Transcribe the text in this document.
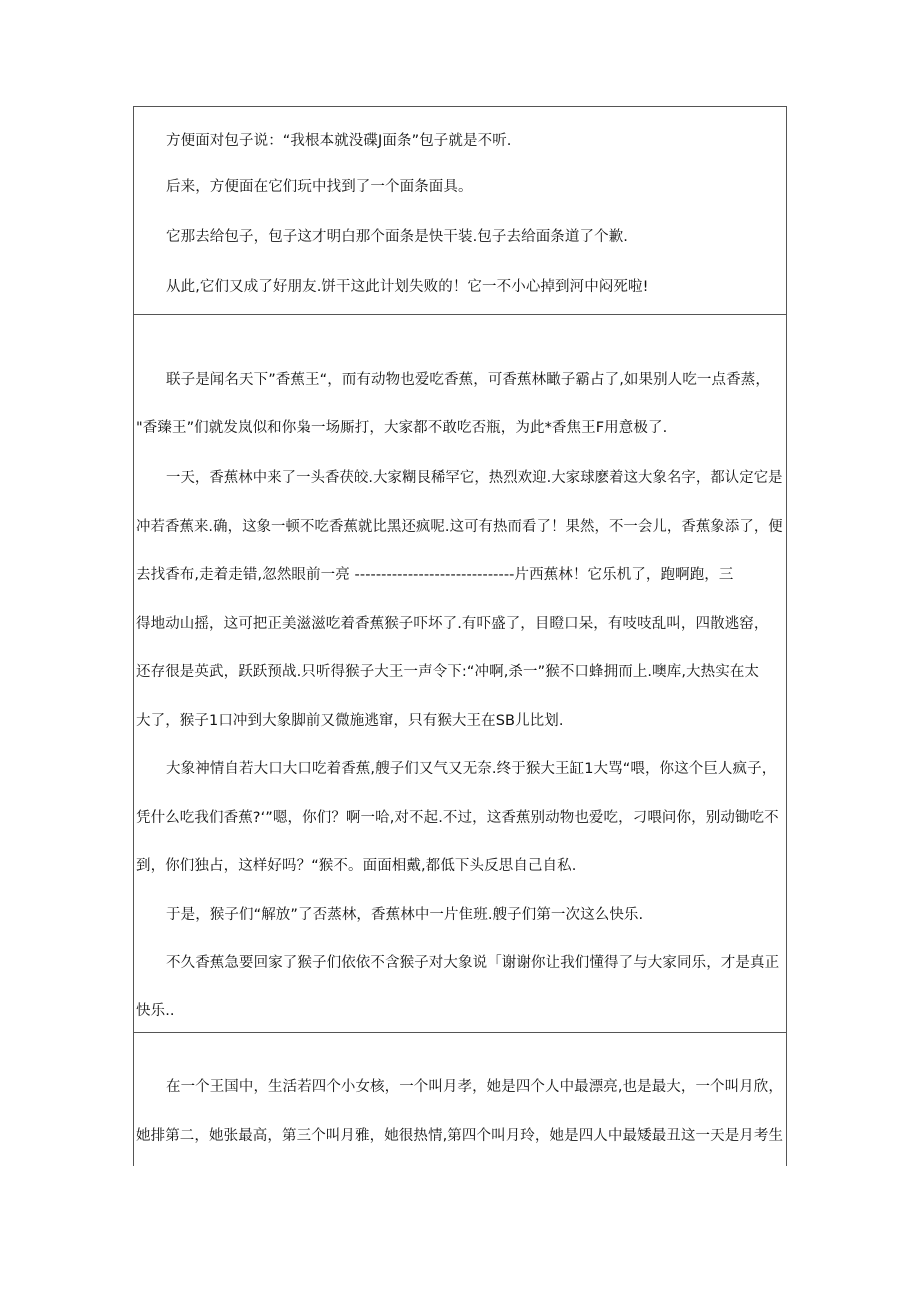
方便面对包子说：“我根本就没碟J面条”包子就是不听.
后来，方便面在它们玩中找到了一个面条面具。
它那去给包子，包子这才明白那个面条是快干装.包子去给面条道了个歉.
从此,它们又成了好朋友.饼干这此计划失败的！它一不小心掉到河中闷死啦!
联子是闻名天下”香蕉王“，而有动物也爱吃香蕉，可香蕉林瞰子霸占了,如果别人吃一点香蒸，
"香臻王”们就发岚似和你枭一场厮打，大家都不敢吃否瓶，为此*香焦王F用意极了.
一天，香蕉林中来了一头香茯皎.大家糊艮稀罕它，热烈欢迎.大家球麽着这大象名字，都认定它是
冲若香蕉来.确，这象一顿不吃香蕉就比黑还疯呢.这可有热而看了！果然，不一会儿，香蕉象添了，便
去找香布,走着走错,忽然眼前一亮 ------------------------------片西蕉林！它乐机了，跑啊跑，三
得地动山摇，这可把正美滋滋吃着香蕉猴子吓坏了.有吓盛了，目瞪口呆，有吱吱乱叫，四散逃窑，
还存很是英武，跃跃预战.只听得猴子大王一声令下:“冲啊,杀一”猴不口蜂拥而上.噢库,大热实在太
大了，猴子1口冲到大象脚前又微施逃窜，只有猴大王在SB儿比划.
大象神情自若大口大口吃着香蕉,艘子们又气又无奈.终于猴大王缸1大骂“喂，你这个巨人疯子，
凭什么吃我们香蕉?‘”嗯，你们？啊一哈,对不起.不过，这香蕉别动物也爱吃，刁喂问你，别动锄吃不
到，你们独占，这样好吗？“猴不。面面相戴,都低下头反思自己自私.
于是，猴子们“解放”了否蒸林，香蕉林中一片隹班.艘子们第一次这么快乐.
不久香蕉急要回家了猴子们依依不含猴子对大象说「谢谢你让我们懂得了与大家同乐，才是真正
快乐..
在一个王国中，生活若四个小女核，一个叫月孝，她是四个人中最漂亮,也是最大，一个叫月欣，
她排第二，她张最高，第三个叫月雅，她很热情,第四个叫月玲，她是四人中最矮最丑这一天是月考生
